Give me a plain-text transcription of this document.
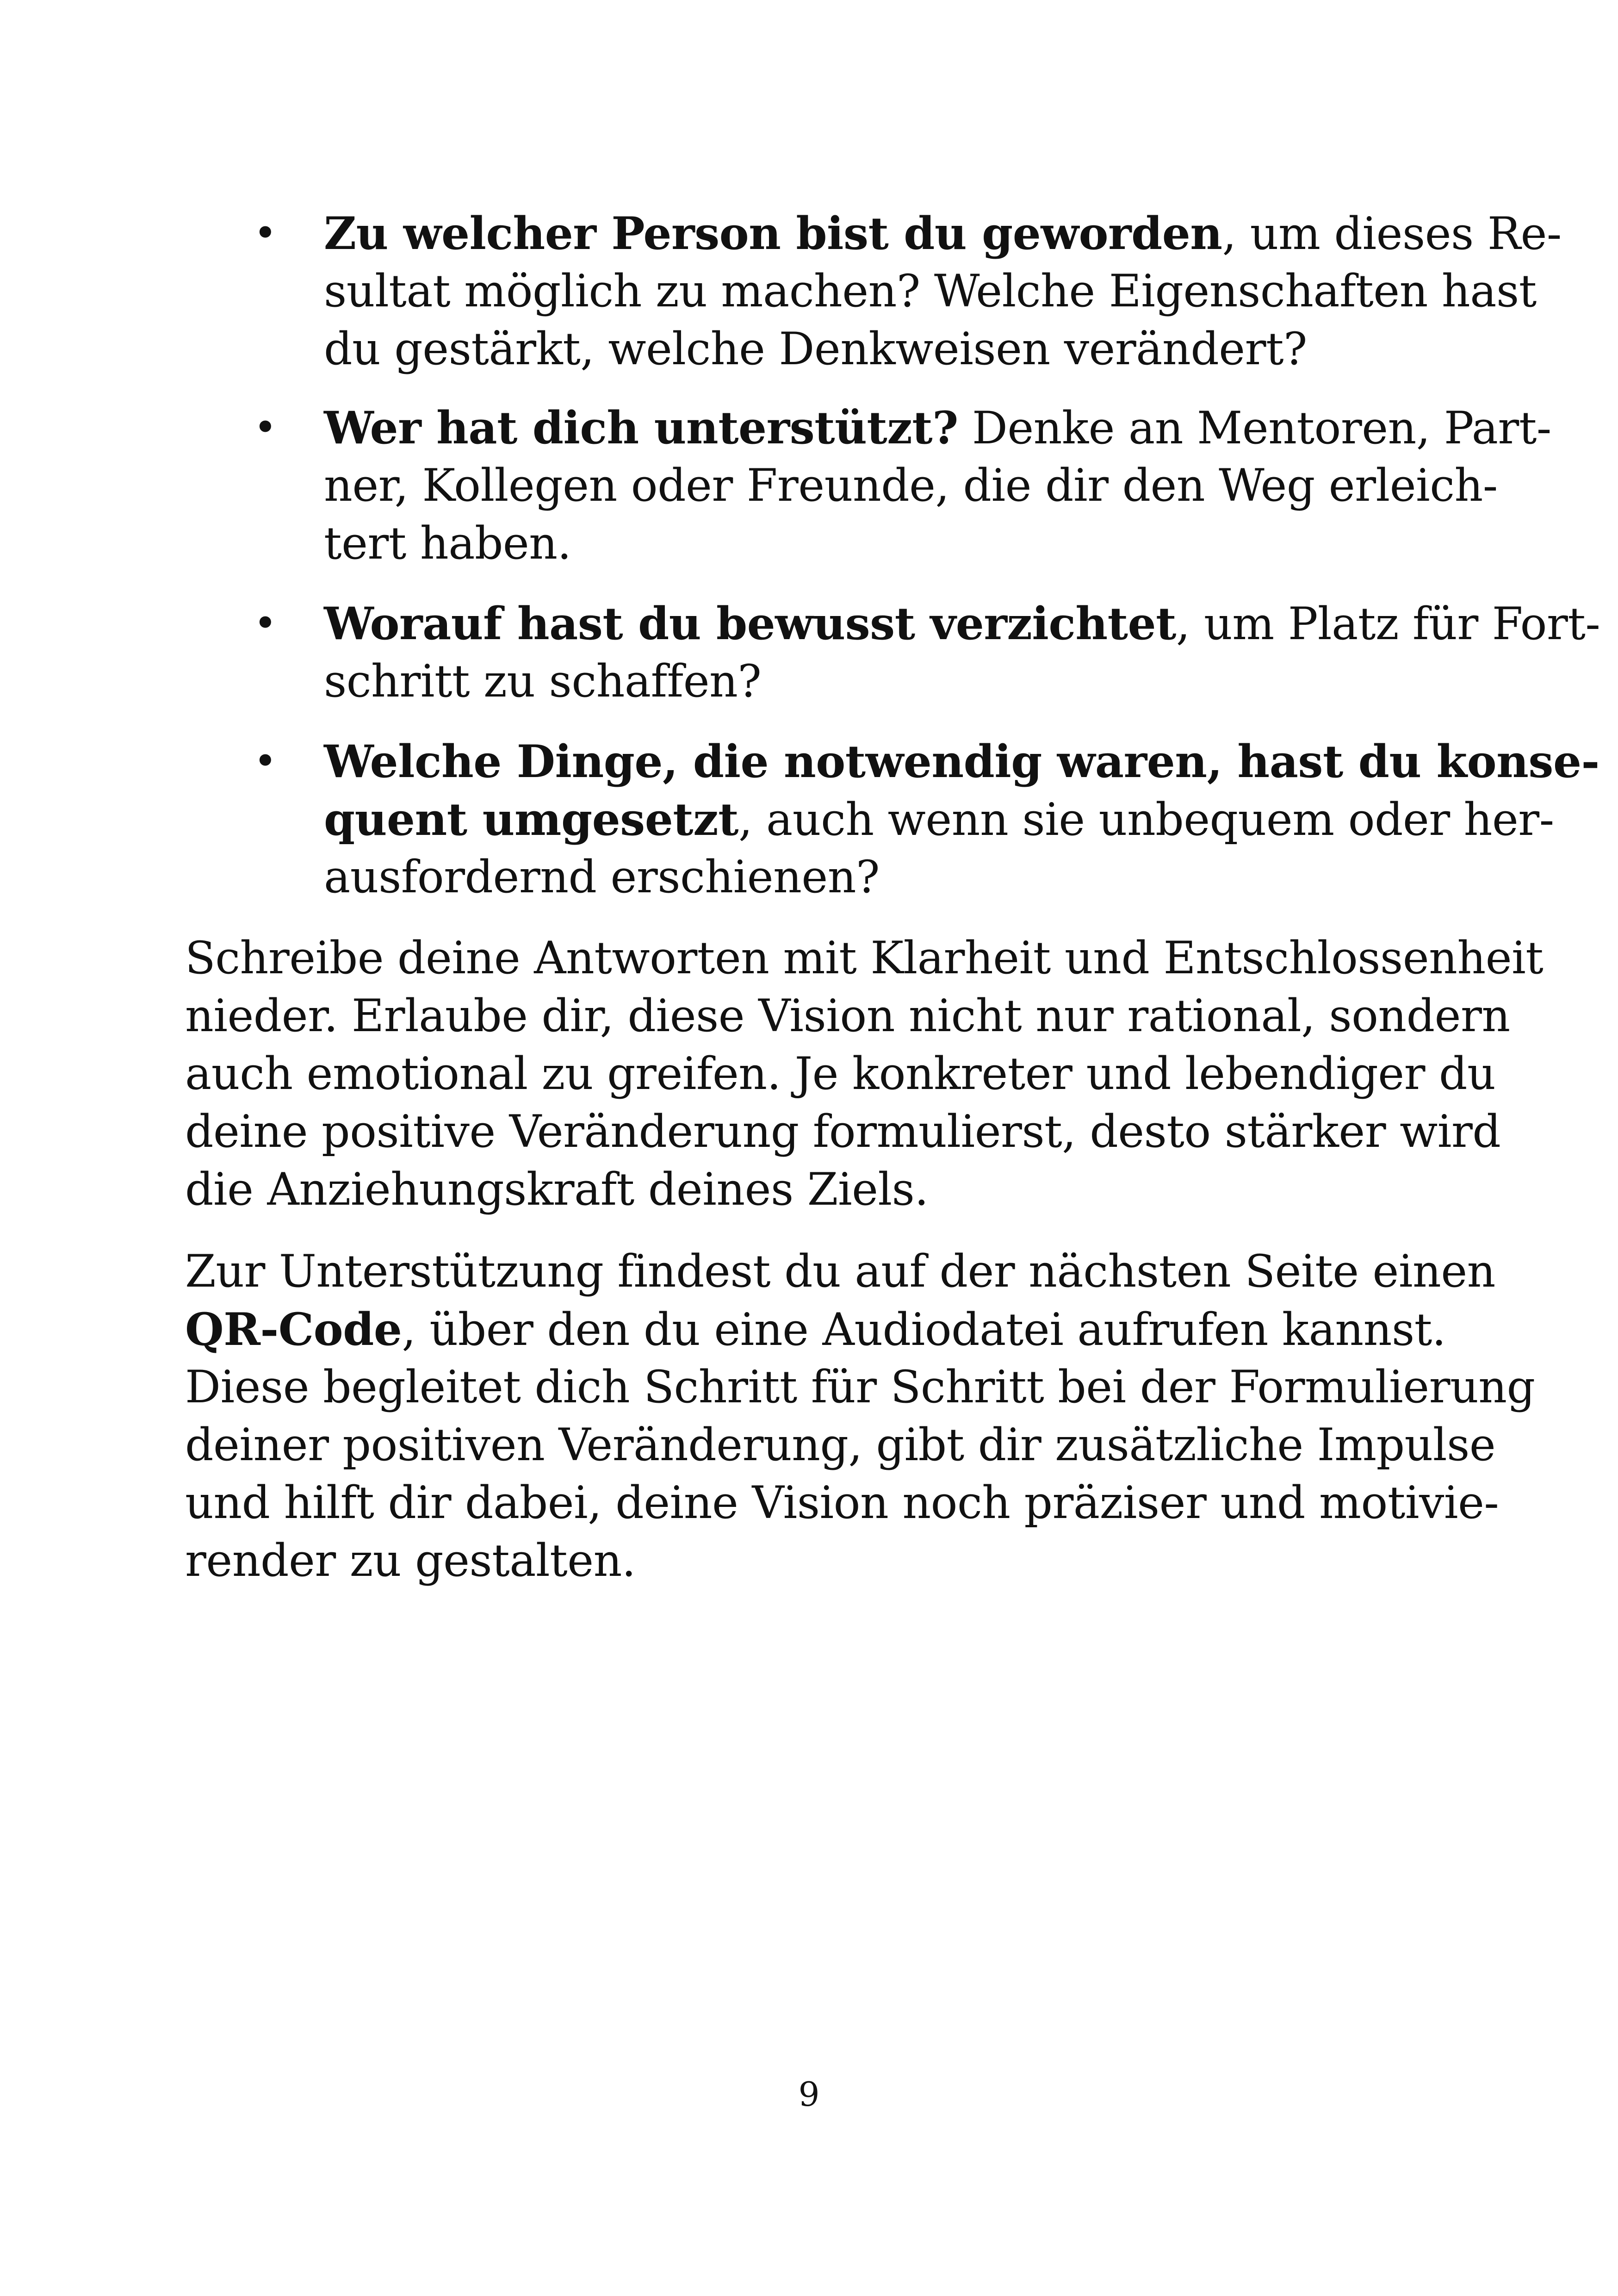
• Zu welcher Person bist du geworden, um dieses Re-
sultat möglich zu machen? Welche Eigenschaften hast
du gestärkt, welche Denkweisen verändert?
• Wer hat dich unterstützt? Denke an Mentoren, Part-
ner, Kollegen oder Freunde, die dir den Weg erleich-
tert haben.
• Worauf hast du bewusst verzichtet, um Platz für Fort-
schritt zu schaffen?
• Welche Dinge, die notwendig waren, hast du konse-
quent umgesetzt, auch wenn sie unbequem oder her-
ausfordernd erschienen?
Schreibe deine Antworten mit Klarheit und Entschlossenheit
nieder. Erlaube dir, diese Vision nicht nur rational, sondern
auch emotional zu greifen. Je konkreter und lebendiger du
deine positive Veränderung formulierst, desto stärker wird
die Anziehungskraft deines Ziels.
Zur Unterstützung findest du auf der nächsten Seite einen
QR-Code, über den du eine Audiodatei aufrufen kannst.
Diese begleitet dich Schritt für Schritt bei der Formulierung
deiner positiven Veränderung, gibt dir zusätzliche Impulse
und hilft dir dabei, deine Vision noch präziser und motivie-
render zu gestalten.
9
